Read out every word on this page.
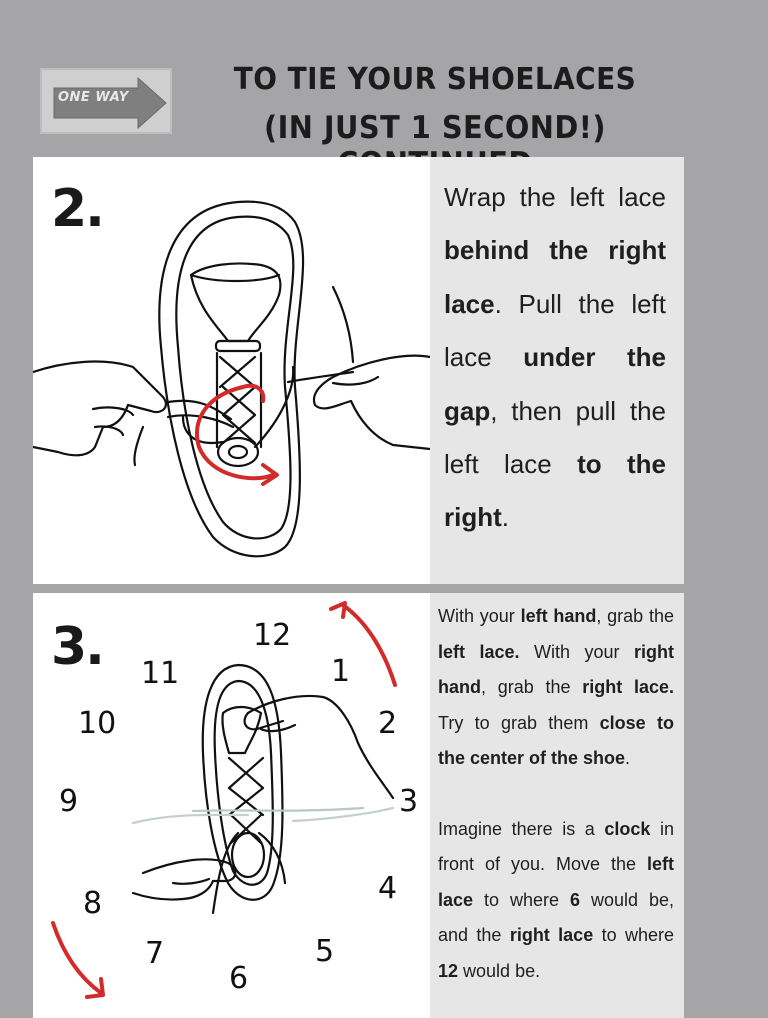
ONE WAY
TO TIE YOUR SHOELACES
(IN JUST 1 SECOND!)
2.	Wrap the left lace behind the right lace. Pull the left lace under the gap, then pull the left lace to the right.
12
11	1
10	2
9	3
8	4
7	5
6
3.
With your left hand, grab the left lace. With your right hand, grab the right lace. Try to grab them close to the center of the shoe.
Imagine there is a clock in front of you. Move the left lace to where 6 would be, and the right lace to where 12 would be.
